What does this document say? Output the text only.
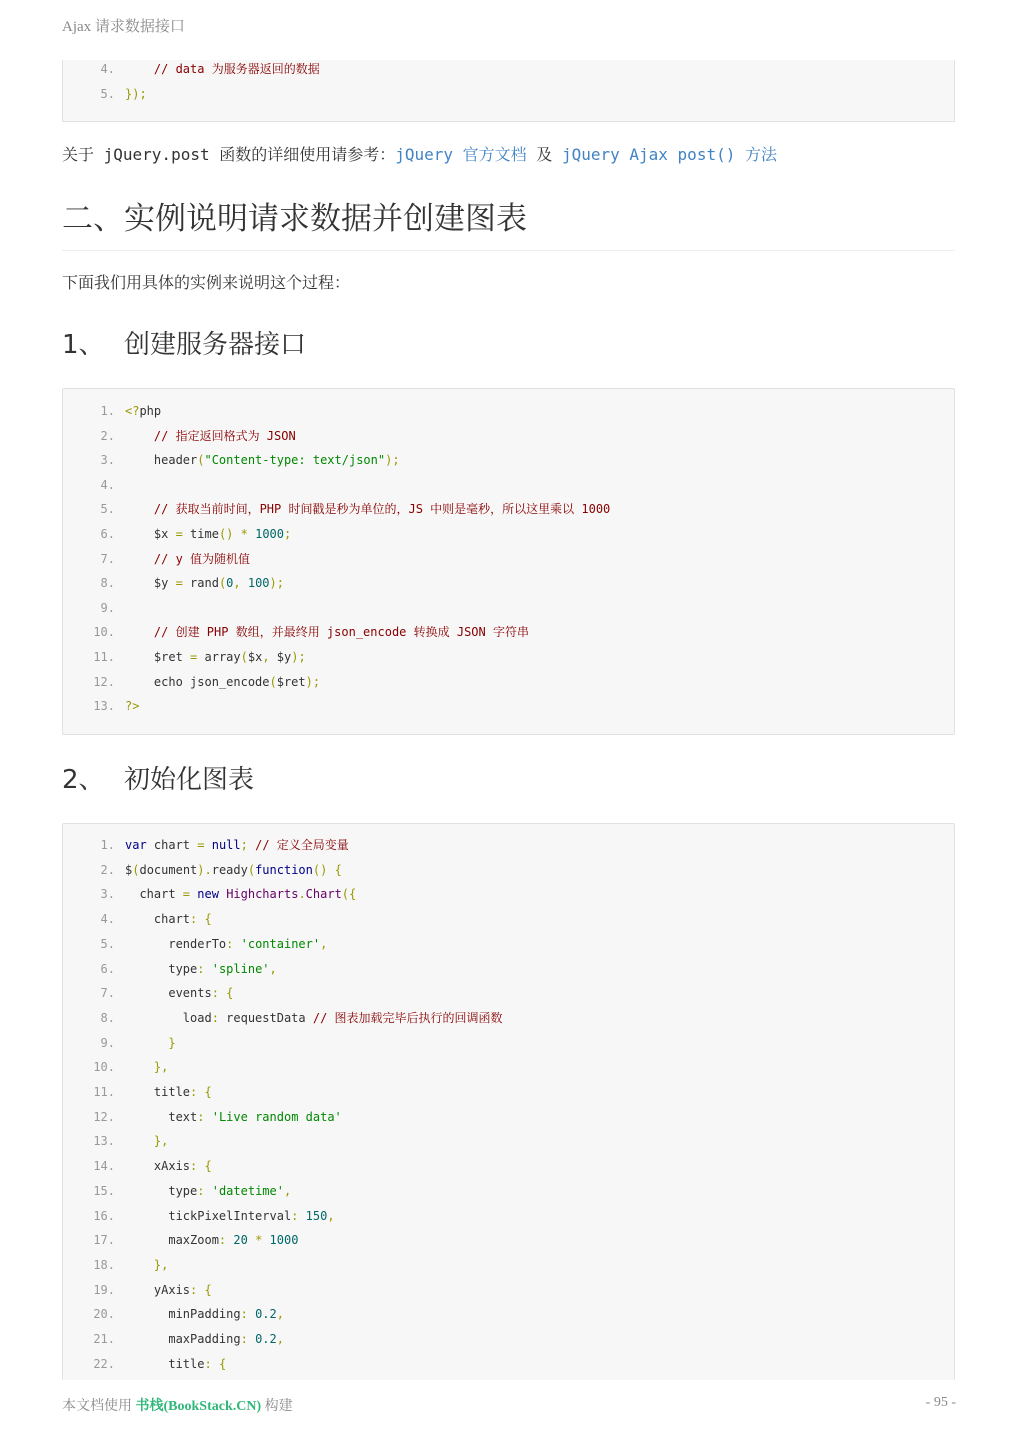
Ajax 请求数据接口
4.	// data 为服务器返回的数据
5. });
关于 jQuery.post 函数的详细使用请参考：jQuery 官方文档 及 jQuery Ajax post() 方法
二、实例说明请求数据并创建图表
下面我们用具体的实例来说明这个过程：
1、 创建服务器接口
1. <?php
2.	// 指定返回格式为 JSON
3.    header("Content-type: text/json");
4.
5.	// 获取当前时间，PHP 时间戳是秒为单位的，JS 中则是毫秒，所以这里乘以 1000
6.    $x = time() * 1000;
7.	// y 值为随机值
8.    $y = rand(0, 100);
9.
10.	// 创建 PHP 数组，并最终用 json_encode 转换成 JSON 字符串
11.    $ret = array($x, $y);
12.    echo json_encode($ret);
13. ?>
2、 初始化图表
1. var chart = null; // 定义全局变量
2. $(document).ready(function() {
3.  chart = new Highcharts.Chart({
4.    chart: {
5.      renderTo: 'container',
6.      type: 'spline',
7.      events: {
8.        load: requestData // 图表加载完毕后执行的回调函数
9.	}
10.	},
11.    title: {
12.      text: 'Live random data'
13.	},
14.    xAxis: {
15.      type: 'datetime',
16.      tickPixelInterval: 150,
17.      maxZoom: 20 * 1000
18.	},
19.    yAxis: {
20.      minPadding: 0.2,
21.      maxPadding: 0.2,
22.      title: {
本文档使用 书栈(BookStack.CN) 构建	- 95 -
